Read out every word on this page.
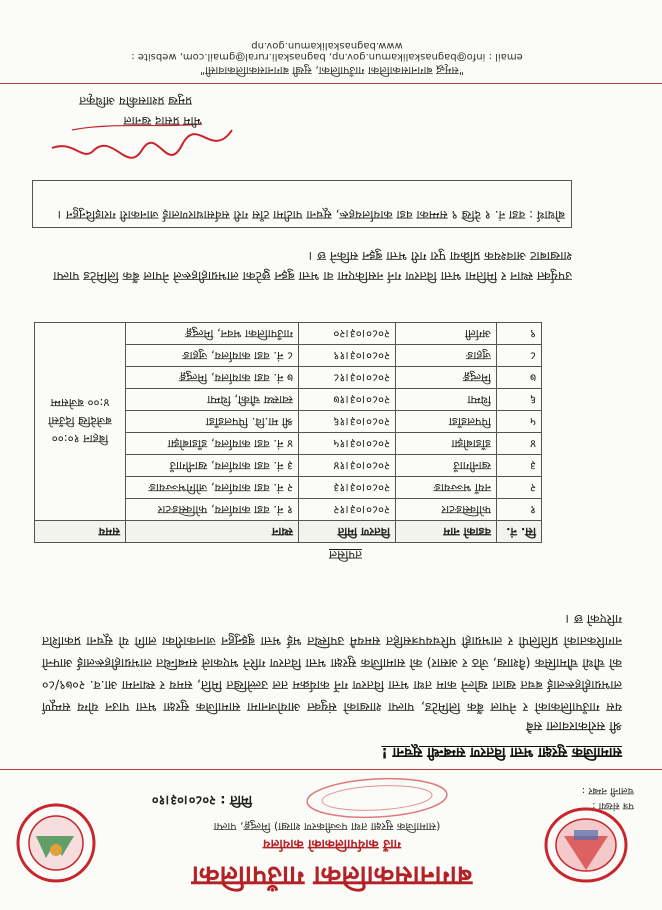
बागनासकालिका गाउँपालिका
गाउँ कार्यपालिकाको कार्यालय
(सामाजिक सुरक्षा तथा पञ्जीकरण शाखा) मिल्दुङ्ग, पाल्पा
पत्र संख्या :
चलानी नम्बर :
मिति : २०८०।०३।१०
सामाजिक सुरक्षा भत्ता वितरण सम्बन्धी सूचना !
श्री सरोकारवाला सबै
यस गाउँपालिकाको र नेपाल बैंक लिमिटेड, पाल्पा शाखाको संयुक्त आयोजनामा सामाजिक सुरक्षा भत्ता पाउन योग्य सम्पूर्ण लाभग्राहीहरूलाई बचत खाता खोल्ने काम तथा भत्ता वितरण गर्ने कार्यक्रम तल उल्लेखित मिति, समय र स्थानमा आ.व. २०७९/८० को चौथो चौमासिक (वैशाख, जेठ र असार) को सामाजिक सुरक्षा भत्ता वितरण गरिने भएकाले सम्बन्धित लाभग्राहीहरूलाई आफ्नो नागरिकताको प्रतिलिपी र लाभग्राही परिचयपत्रसहित समयमै उपस्थित भई भत्ता बुझ्नुहुन जानकारीका लागि यो सूचना प्रकाशित गरिएको छ ।
तपसिल
सि. नं.	वडाको नाम	वितरण मिति	स्थान	समय
१	फोक्सिङटार	२०८०।०३।१२	१ नं. वडा कार्यालय, फोक्सिङटार	बिहान १०:०० बजेदेखि दिउँसो ४:०० बजेसम्म
२	नयाँ भञ्ज्याङ	२०८०।०३।१३	२ नं. वडा कार्यालय, जोगिभञ्ज्याङ	
३	खानीगाउँ	२०८०।०३।१४	३ नं. वडा कार्यालय, खानीगाउँ	
४	डाँडाबोझा	२०८०।०३।१५	४ नं. वडा कार्यालय, डाँडाबोझा	
५	पिपलडाँडा	२०८०।०३।१६	श्री मा.वि. पिपलडाँडा	
६	थिम्पा	२०८०।०३।१७	स्वास्थ्य चौकी, थिम्पा	
७	मिल्दुङ्ग	२०८०।०३।१८	७ नं. वडा कार्यालय, मिल्दुङ्ग	
८	जुहाङ	२०८०।०३।१९	८ नं. वडा कार्यालय, जुहाङ	
९	अर्गली	२०८०।०३।२०	गाउँपालिका भवन, मिल्दुङ्ग	
उपर्युक्त स्थान र मितिमा भत्ता वितरण गर्न नसकिएमा वा भत्ता बुझ्न छुटेका लाभग्राहीहरूले नेपाल बैंक लिमिटेड पाल्पा शाखाबाट आवश्यक प्रक्रिया पुरा गरी भत्ता बुझ्न सकिने छ ।
बोधार्थ : वडा नं. १ देखि ९ सम्मका वडा कार्यालयहरू, सूचना पाटीमा टाँस गरी सर्वसाधारणलाई जानकारी गराइदिनुहुन ।
भीम प्रसाद खनाल
प्रमुख प्रशासकीय अधिकृत
"समृद्ध बागनासकालिका गाउँपालिका, सुखी बागनासकालिकावासी"
email : info@bagnaskalikamun.gov.np, bagnaskali.rural@gmail.com, website : www.bagnaskalikamun.gov.np
